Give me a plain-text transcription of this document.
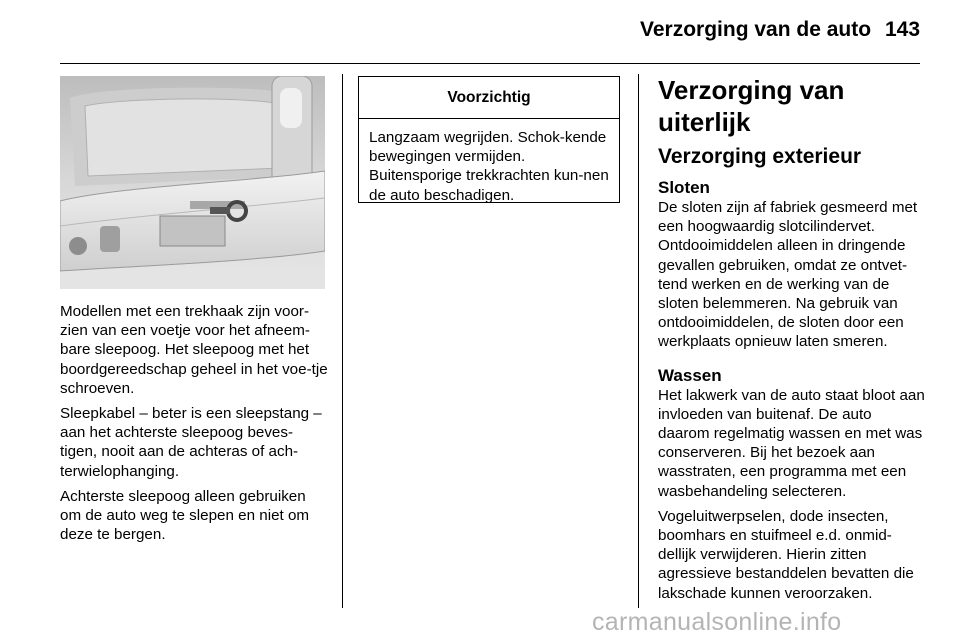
Verzorging van de auto 143

Modellen met een trekhaak zijn voor-zien van een voetje voor het afneem-bare sleepoog. Het sleepoog met het boordgereedschap geheel in het voe-tje schroeven.

Sleepkabel – beter is een sleepstang – aan het achterste sleepoog beves-tigen, nooit aan de achteras of ach-terwielophanging.

Achterste sleepoog alleen gebruiken om de auto weg te slepen en niet om deze te bergen.

Voorzichtig
Langzaam wegrijden. Schok-kende bewegingen vermijden. Buitensporige trekkrachten kun-nen de auto beschadigen.
Verzorging van uiterlijk
Verzorging exterieur
Sloten

De sloten zijn af fabriek gesmeerd met een hoogwaardig slotcilindervet. Ontdooimiddelen alleen in dringende gevallen gebruiken, omdat ze ontvet-tend werken en de werking van de sloten belemmeren. Na gebruik van ontdooimiddelen, de sloten door een werkplaats opnieuw laten smeren.

Wassen

Het lakwerk van de auto staat bloot aan invloeden van buitenaf. De auto daarom regelmatig wassen en met was conserveren. Bij het bezoek aan wasstraten, een programma met een wasbehandeling selecteren.

Vogeluitwerpselen, dode insecten, boomhars en stuifmeel e.d. onmid-dellijk verwijderen. Hierin zitten agressieve bestanddelen bevatten die lakschade kunnen veroorzaken.

carmanualsonline.info
